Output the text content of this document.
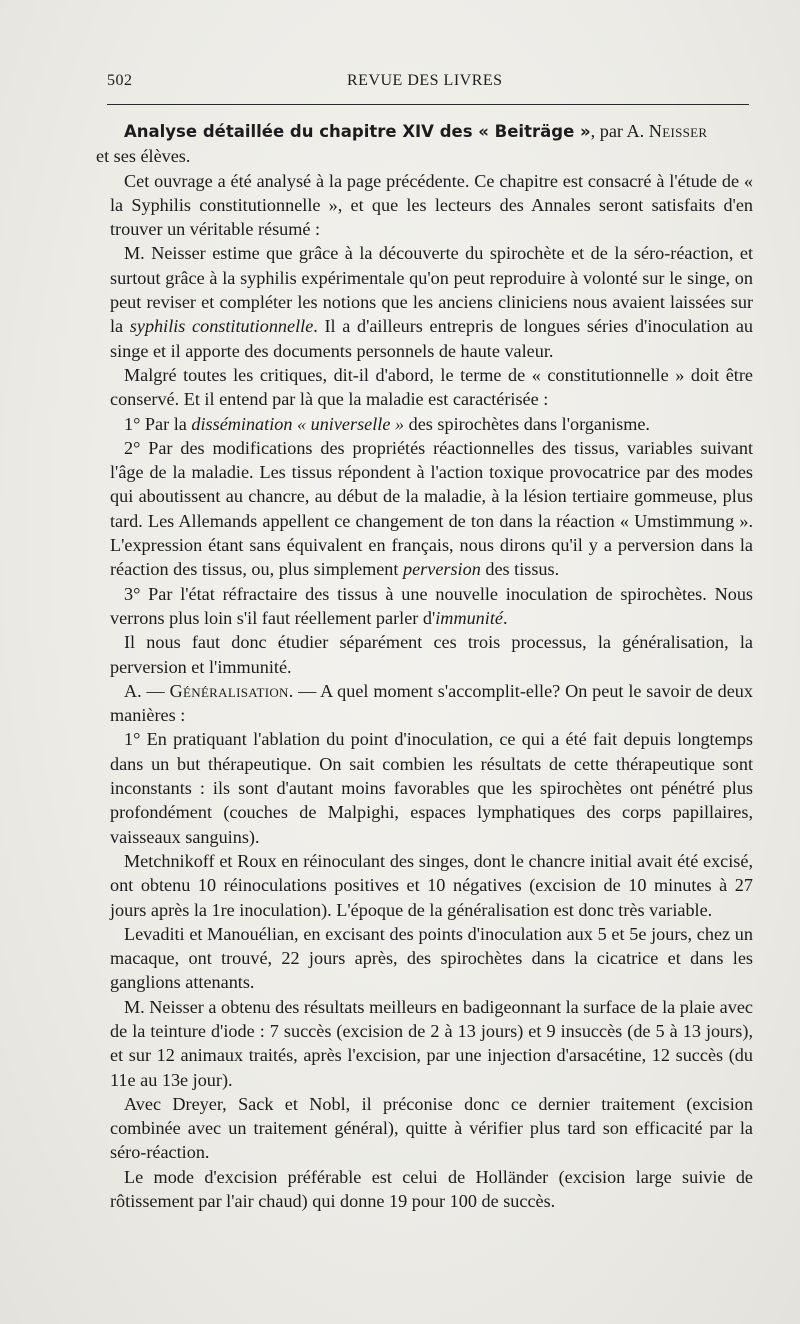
502	REVUE DES LIVRES

Analyse détaillée du chapitre XIV des « Beiträge », par A. Neisser
et ses élèves.

Cet ouvrage a été analysé à la page précédente. Ce chapitre est consacré à l'étude de « la Syphilis constitutionnelle », et que les lecteurs des Annales seront satisfaits d'en trouver un véritable résumé :

M. Neisser estime que grâce à la découverte du spirochète et de la séro-réaction, et surtout grâce à la syphilis expérimentale qu'on peut reproduire à volonté sur le singe, on peut reviser et compléter les notions que les anciens cliniciens nous avaient laissées sur la syphilis constitutionnelle. Il a d'ailleurs entrepris de longues séries d'inoculation au singe et il apporte des documents personnels de haute valeur.

Malgré toutes les critiques, dit-il d'abord, le terme de « constitutionnelle » doit être conservé. Et il entend par là que la maladie est caractérisée :

1° Par la dissémination « universelle » des spirochètes dans l'organisme.

2° Par des modifications des propriétés réactionnelles des tissus, variables suivant l'âge de la maladie. Les tissus répondent à l'action toxique provocatrice par des modes qui aboutissent au chancre, au début de la maladie, à la lésion tertiaire gommeuse, plus tard. Les Allemands appellent ce changement de ton dans la réaction « Umstimmung ». L'expression étant sans équivalent en français, nous dirons qu'il y a perversion dans la réaction des tissus, ou, plus simplement perversion des tissus.

3° Par l'état réfractaire des tissus à une nouvelle inoculation de spirochètes. Nous verrons plus loin s'il faut réellement parler d'immunité.

Il nous faut donc étudier séparément ces trois processus, la généralisation, la perversion et l'immunité.

A. — Généralisation. — A quel moment s'accomplit-elle? On peut le savoir de deux manières :

1° En pratiquant l'ablation du point d'inoculation, ce qui a été fait depuis longtemps dans un but thérapeutique. On sait combien les résultats de cette thérapeutique sont inconstants : ils sont d'autant moins favorables que les spirochètes ont pénétré plus profondément (couches de Malpighi, espaces lymphatiques des corps papillaires, vaisseaux sanguins).

Metchnikoff et Roux en réinoculant des singes, dont le chancre initial avait été excisé, ont obtenu 10 réinoculations positives et 10 négatives (excision de 10 minutes à 27 jours après la 1re inoculation). L'époque de la généralisation est donc très variable.

Levaditi et Manouélian, en excisant des points d'inoculation aux 5 et 5e jours, chez un macaque, ont trouvé, 22 jours après, des spirochètes dans la cicatrice et dans les ganglions attenants.

M. Neisser a obtenu des résultats meilleurs en badigeonnant la surface de la plaie avec de la teinture d'iode : 7 succès (excision de 2 à 13 jours) et 9 insuccès (de 5 à 13 jours), et sur 12 animaux traités, après l'excision, par une injection d'arsacétine, 12 succès (du 11e au 13e jour).

Avec Dreyer, Sack et Nobl, il préconise donc ce dernier traitement (excision combinée avec un traitement général), quitte à vérifier plus tard son efficacité par la séro-réaction.

Le mode d'excision préférable est celui de Holländer (excision large suivie de rôtissement par l'air chaud) qui donne 19 pour 100 de succès.
